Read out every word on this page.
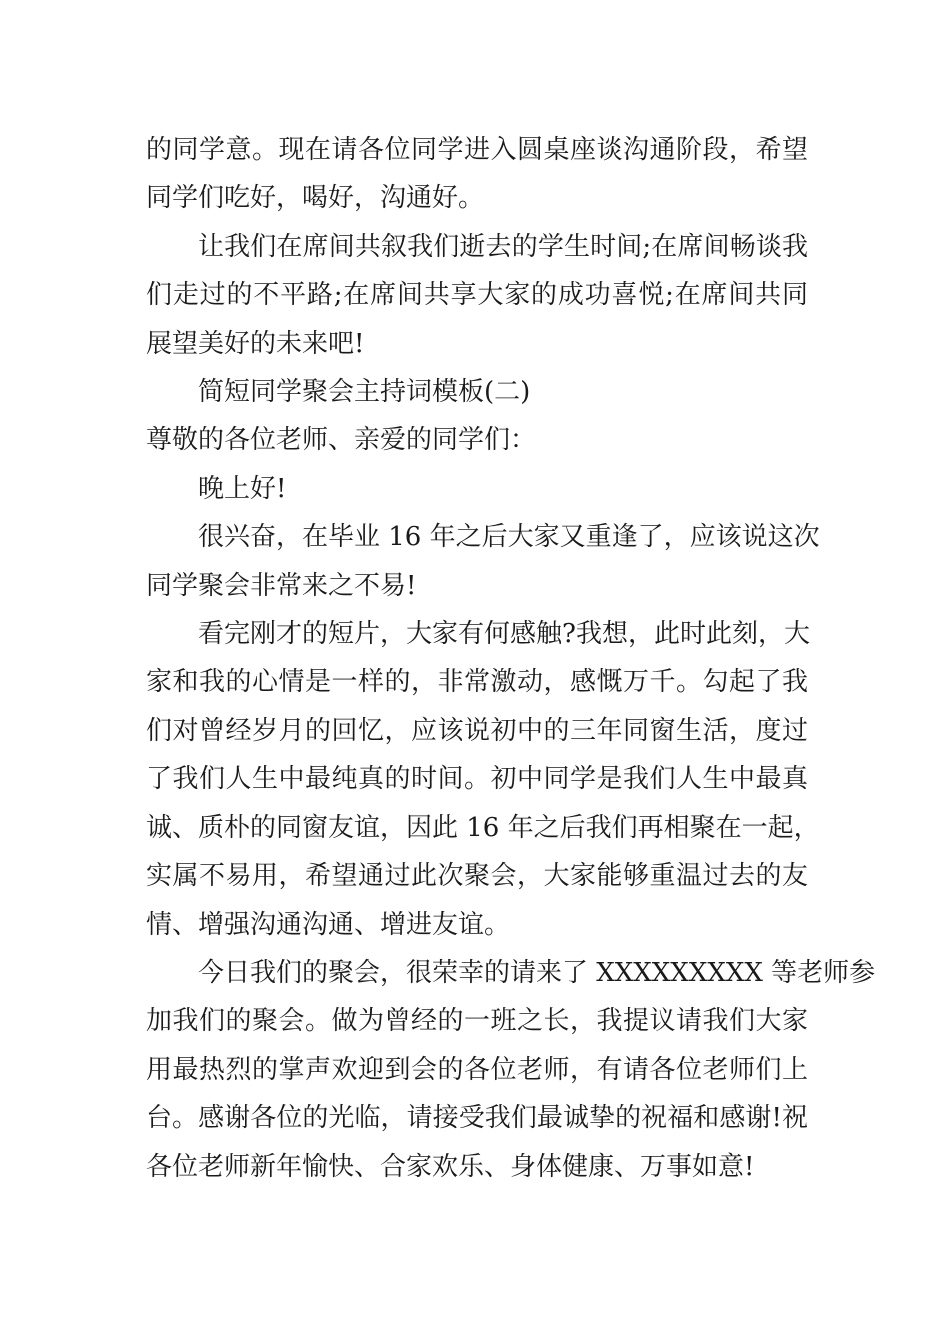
的同学意。现在请各位同学进入圆桌座谈沟通阶段，希望
同学们吃好，喝好，沟通好。
让我们在席间共叙我们逝去的学生时间;在席间畅谈我
们走过的不平路;在席间共享大家的成功喜悦;在席间共同
展望美好的未来吧!
简短同学聚会主持词模板(二)
尊敬的各位老师、亲爱的同学们：
晚上好!
很兴奋，在毕业 16 年之后大家又重逢了，应该说这次
同学聚会非常来之不易!
看完刚才的短片，大家有何感触?我想，此时此刻，大
家和我的心情是一样的，非常激动，感慨万千。勾起了我
们对曾经岁月的回忆，应该说初中的三年同窗生活，度过
了我们人生中最纯真的时间。初中同学是我们人生中最真
诚、质朴的同窗友谊，因此 16 年之后我们再相聚在一起，
实属不易用，希望通过此次聚会，大家能够重温过去的友
情、增强沟通沟通、增进友谊。
今日我们的聚会，很荣幸的请来了 XXXXXXXXX 等老师参
加我们的聚会。做为曾经的一班之长，我提议请我们大家
用最热烈的掌声欢迎到会的各位老师，有请各位老师们上
台。感谢各位的光临，请接受我们最诚挚的祝福和感谢!祝
各位老师新年愉快、合家欢乐、身体健康、万事如意!
